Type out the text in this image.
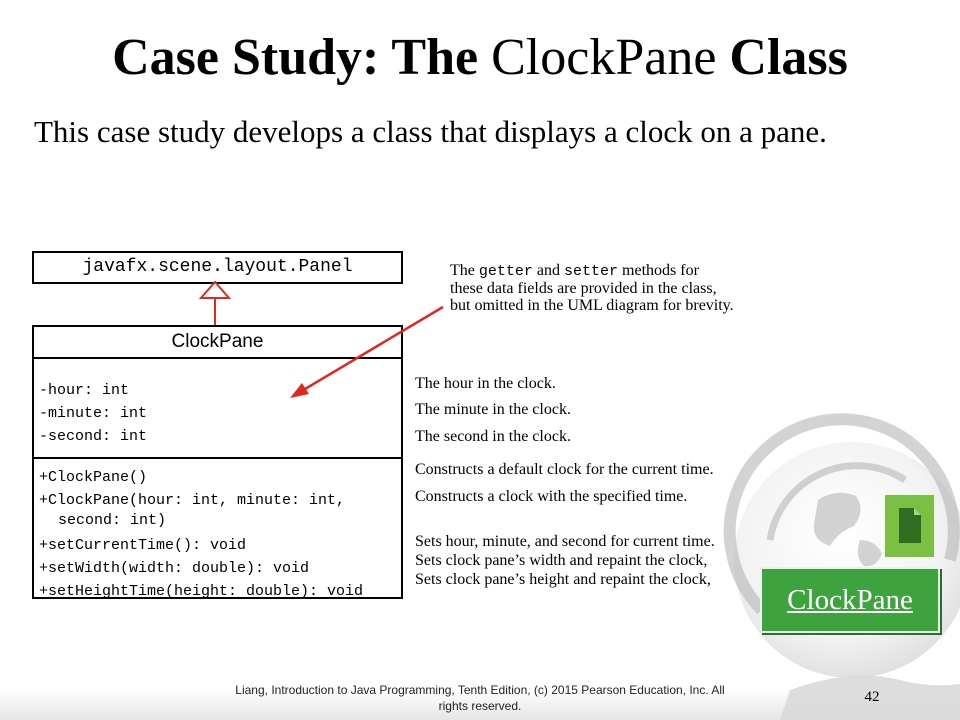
Case Study: The ClockPane Class
This case study develops a class that displays a clock on a pane.
javafx.scene.layout.Panel
ClockPane
-hour: int
-minute: int
-second: int
+ClockPane()
+ClockPane(hour: int, minute: int,
second: int)
+setCurrentTime(): void
+setWidth(width: double): void
+setHeightTime(height: double): void
The getter and setter methods for
these data fields are provided in the class,
but omitted in the UML diagram for brevity.
The hour in the clock.
The minute in the clock.
The second in the clock.
Constructs a default clock for the current time.
Constructs a clock with the specified time.
Sets hour, minute, and second for current time.
Sets clock pane’s width and repaint the clock,
Sets clock pane’s height and repaint the clock,
ClockPane
Liang, Introduction to Java Programming, Tenth Edition, (c) 2015 Pearson Education, Inc. All
rights reserved.
42
